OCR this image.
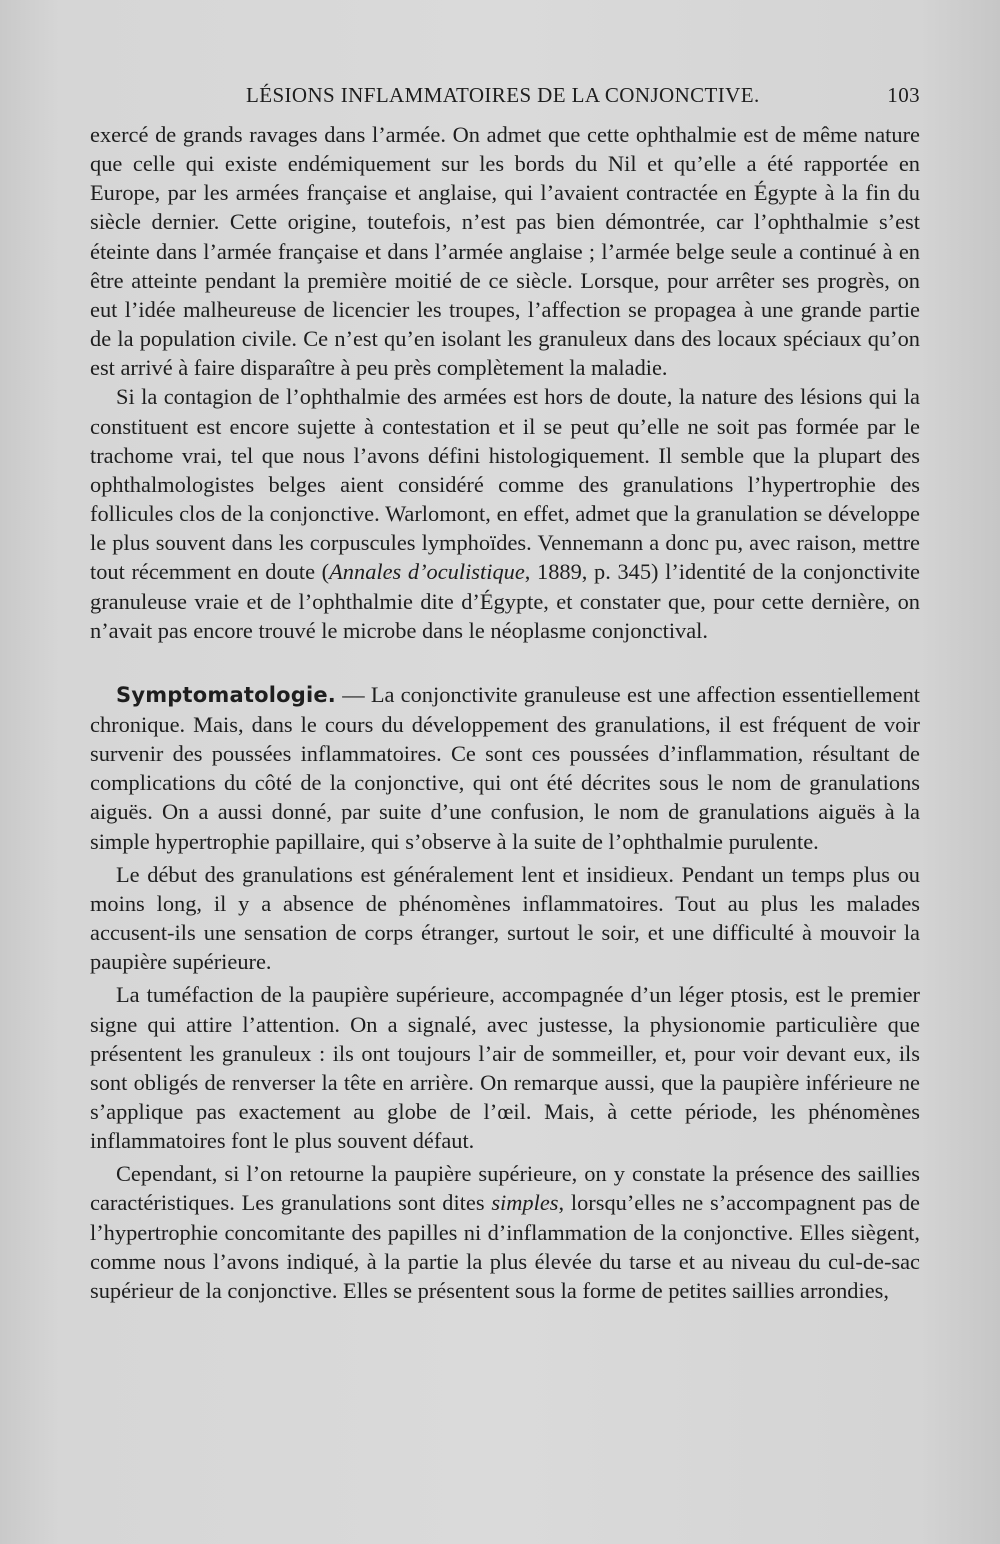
LÉSIONS INFLAMMATOIRES DE LA CONJONCTIVE.	103

exercé de grands ravages dans l’armée. On admet que cette ophthalmie est de même nature que celle qui existe endémiquement sur les bords du Nil et qu’elle a été rapportée en Europe, par les armées française et anglaise, qui l’avaient contractée en Égypte à la fin du siècle dernier. Cette origine, toutefois, n’est pas bien démontrée, car l’ophthalmie s’est éteinte dans l’armée française et dans l’armée anglaise ; l’armée belge seule a continué à en être atteinte pendant la première moitié de ce siècle. Lorsque, pour arrêter ses progrès, on eut l’idée malheureuse de licencier les troupes, l’affection se propagea à une grande partie de la population civile. Ce n’est qu’en isolant les granuleux dans des locaux spéciaux qu’on est arrivé à faire disparaître à peu près complètement la maladie.

Si la contagion de l’ophthalmie des armées est hors de doute, la nature des lésions qui la constituent est encore sujette à contestation et il se peut qu’elle ne soit pas formée par le trachome vrai, tel que nous l’avons défini histologiquement. Il semble que la plupart des ophthalmologistes belges aient considéré comme des granulations l’hypertrophie des follicules clos de la conjonctive. Warlomont, en effet, admet que la granulation se développe le plus souvent dans les corpuscules lymphoïdes. Vennemann a donc pu, avec raison, mettre tout récemment en doute (Annales d’oculistique, 1889, p. 345) l’identité de la conjonctivite granuleuse vraie et de l’ophthalmie dite d’Égypte, et constater que, pour cette dernière, on n’avait pas encore trouvé le microbe dans le néoplasme conjonctival.

Symptomatologie. — La conjonctivite granuleuse est une affection essentiellement chronique. Mais, dans le cours du développement des granulations, il est fréquent de voir survenir des poussées inflammatoires. Ce sont ces poussées d’inflammation, résultant de complications du côté de la conjonctive, qui ont été décrites sous le nom de granulations aiguës. On a aussi donné, par suite d’une confusion, le nom de granulations aiguës à la simple hypertrophie papillaire, qui s’observe à la suite de l’ophthalmie purulente.

Le début des granulations est généralement lent et insidieux. Pendant un temps plus ou moins long, il y a absence de phénomènes inflammatoires. Tout au plus les malades accusent-ils une sensation de corps étranger, surtout le soir, et une difficulté à mouvoir la paupière supérieure.

La tuméfaction de la paupière supérieure, accompagnée d’un léger ptosis, est le premier signe qui attire l’attention. On a signalé, avec justesse, la physionomie particulière que présentent les granuleux : ils ont toujours l’air de sommeiller, et, pour voir devant eux, ils sont obligés de renverser la tête en arrière. On remarque aussi, que la paupière inférieure ne s’applique pas exactement au globe de l’œil. Mais, à cette période, les phénomènes inflammatoires font le plus souvent défaut.

Cependant, si l’on retourne la paupière supérieure, on y constate la présence des saillies caractéristiques. Les granulations sont dites simples, lorsqu’elles ne s’accompagnent pas de l’hypertrophie concomitante des papilles ni d’inflammation de la conjonctive. Elles siègent, comme nous l’avons indiqué, à la partie la plus élevée du tarse et au niveau du cul-de-sac supérieur de la conjonctive. Elles se présentent sous la forme de petites saillies arrondies,
